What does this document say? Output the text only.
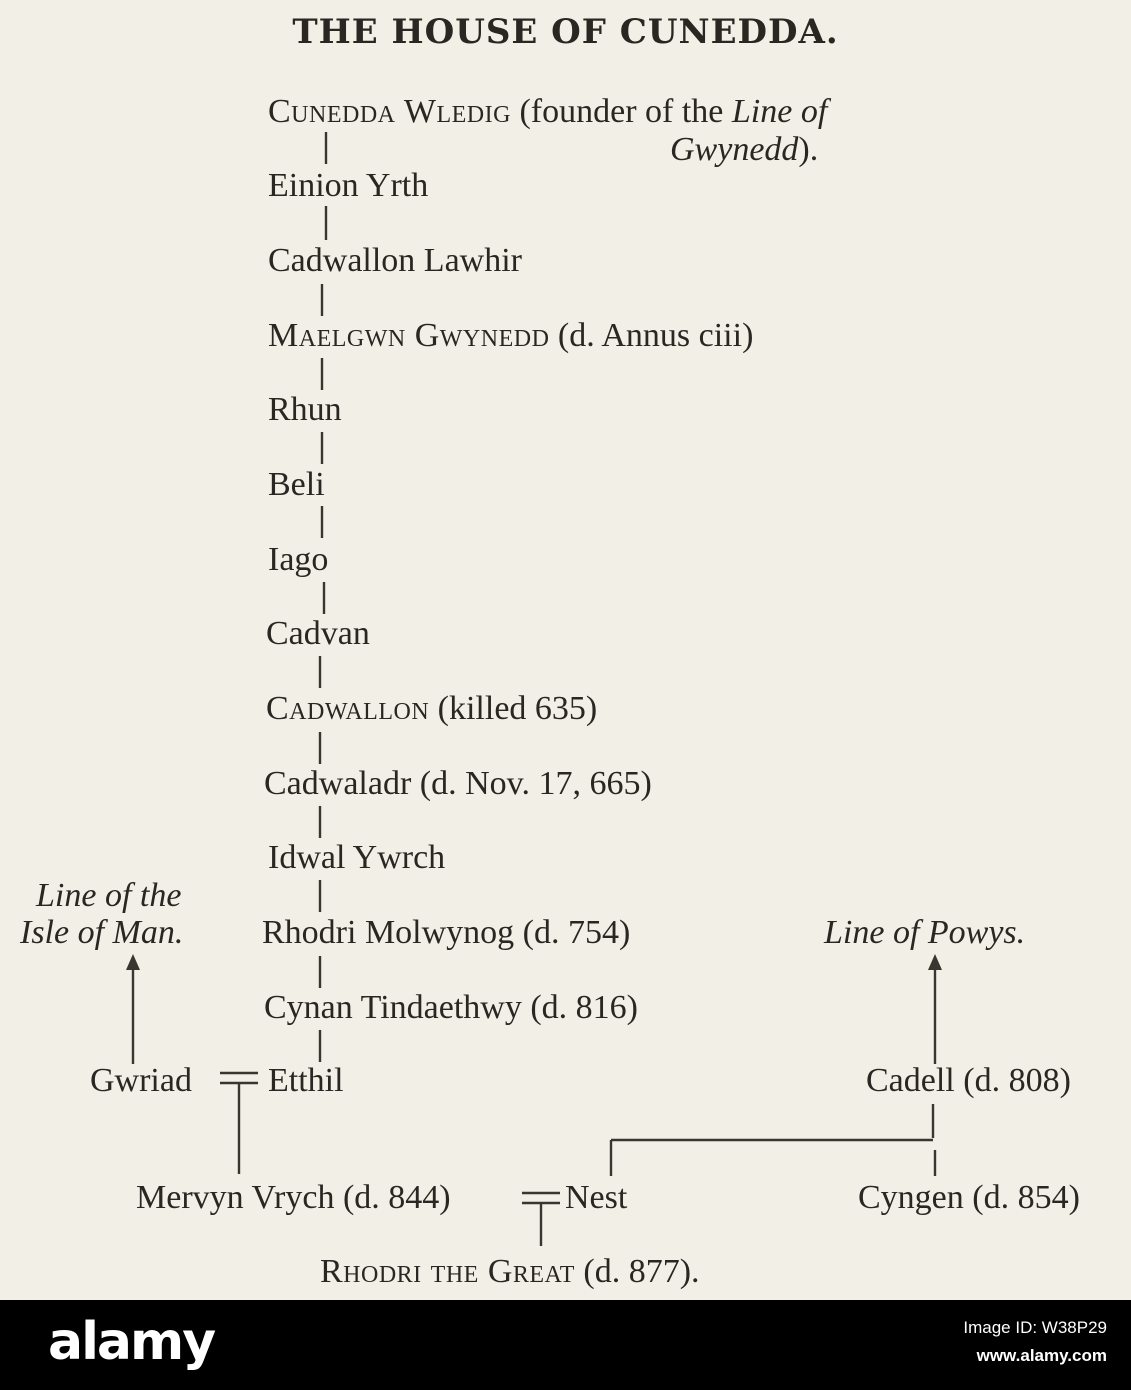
THE HOUSE OF CUNEDDA.
Cunedda Wledig (founder of the Line of
Gwynedd).
Einion Yrth
Cadwallon Lawhir
Maelgwn Gwynedd (d. Annus ciii)
Rhun
Beli
Iago
Cadvan
Cadwallon (killed 635)
Cadwaladr (d. Nov. 17, 665)
Idwal Ywrch
Rhodri Molwynog (d. 754)
Cynan Tindaethwy (d. 816)
Line of the
Isle of Man.	Line of Powys.
Gwriad Etthil	Cadell (d. 808)
Mervyn Vrych (d. 844)	Nest	Cyngen (d. 854)
Rhodri the Great (d. 877).
alamy	Image ID: W38P29
www.alamy.com
